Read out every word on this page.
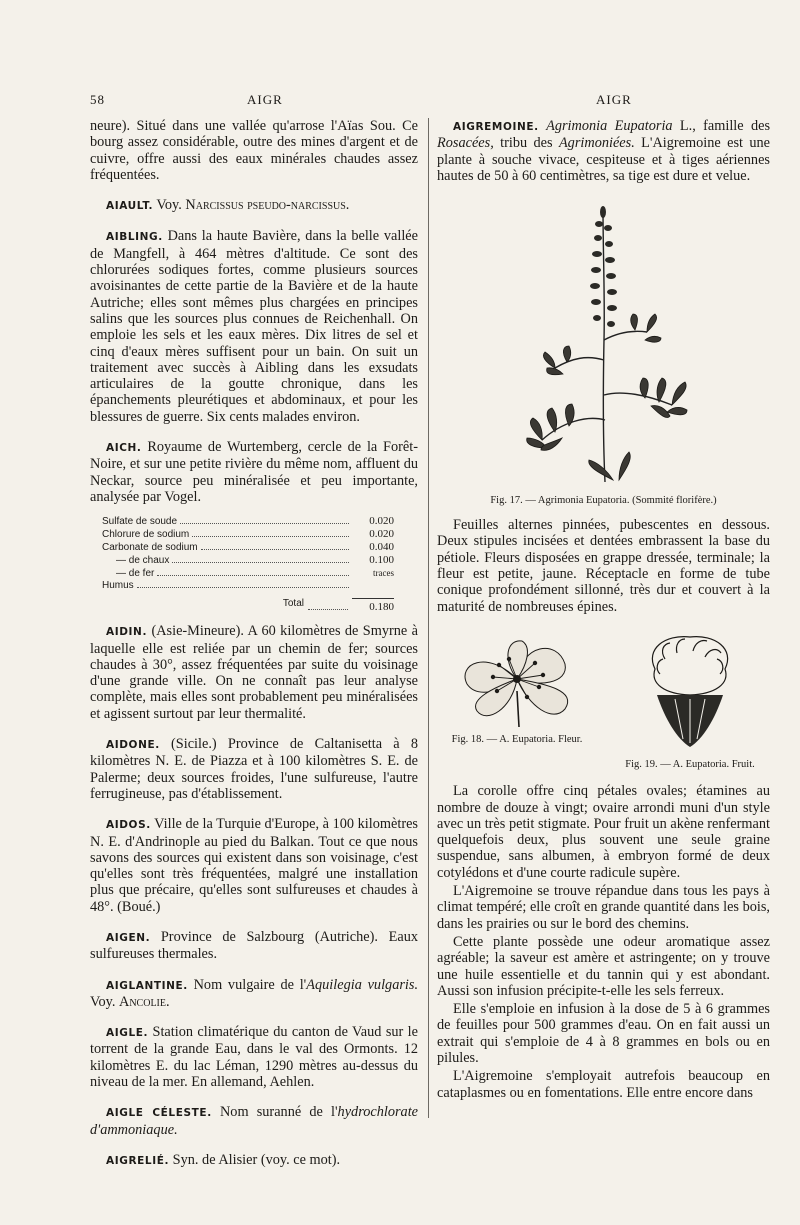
58	AIGR	AIGR

neure). Situé dans une vallée qu'arrose l'Aïas Sou. Ce bourg assez considérable, outre des mines d'argent et de cuivre, offre aussi des eaux minérales chaudes assez fréquentées.

AIAULT. Voy. Narcissus pseudo-narcissus.

AIBLING. Dans la haute Bavière, dans la belle vallée de Mangfell, à 464 mètres d'altitude. Ce sont des chlorurées sodiques fortes, comme plusieurs sources avoisinantes de cette partie de la Bavière et de la haute Autriche; elles sont mêmes plus chargées en principes salins que les sources plus connues de Reichenhall. On emploie les sels et les eaux mères. Dix litres de sel et cinq d'eaux mères suffisent pour un bain. On suit un traitement avec succès à Aibling dans les exsudats articulaires de la goutte chronique, dans les épanchements pleurétiques et abdominaux, et pour les blessures de guerre. Six cents malades environ.

AICH. Royaume de Wurtemberg, cercle de la Forêt-Noire, et sur une petite rivière du même nom, affluent du Neckar, source peu minéralisée et peu importante, analysée par Vogel.

Sulfate de soude	0.020
Chlorure de sodium	0.020
Carbonate de sodium	0.040
— de chaux	0.100
— de fer	traces
Humus
Total	0.180

AIDIN. (Asie-Mineure). A 60 kilomètres de Smyrne à laquelle elle est reliée par un chemin de fer; sources chaudes à 30°, assez fréquentées par suite du voisinage d'une grande ville. On ne connaît pas leur analyse complète, mais elles sont probablement peu minéralisées et agissent surtout par leur thermalité.

AIDONE. (Sicile.) Province de Caltanisetta à 8 kilomètres N. E. de Piazza et à 100 kilomètres S. E. de Palerme; deux sources froides, l'une sulfureuse, l'autre ferrugineuse, pas d'établissement.

AIDOS. Ville de la Turquie d'Europe, à 100 kilomètres N. E. d'Andrinople au pied du Balkan. Tout ce que nous savons des sources qui existent dans son voisinage, c'est qu'elles sont très fréquentées, malgré une installation plus que précaire, qu'elles sont sulfureuses et chaudes à 48°. (Boué.)

AIGEN. Province de Salzbourg (Autriche). Eaux sulfureuses thermales.

AIGLANTINE. Nom vulgaire de l'Aquilegia vulgaris. Voy. Ancolie.

AIGLE. Station climatérique du canton de Vaud sur le torrent de la grande Eau, dans le val des Ormonts. 12 kilomètres E. du lac Léman, 1290 mètres au-dessus du niveau de la mer. En allemand, Aehlen.

AIGLE CÉLESTE. Nom suranné de l'hydrochlorate d'ammoniaque.

AIGRELIÉ. Syn. de Alisier (voy. ce mot).

AIGREMOINE. Agrimonia Eupatoria L., famille des Rosacées, tribu des Agrimoniées. L'Aigremoine est une plante à souche vivace, cespiteuse et à tiges aériennes hautes de 50 à 60 centimètres, sa tige est dure et velue.

Fig. 17. — Agrimonia Eupatoria. (Sommité florifère.)

Feuilles alternes pinnées, pubescentes en dessous. Deux stipules incisées et dentées embrassent la base du pétiole. Fleurs disposées en grappe dressée, terminale; la fleur est petite, jaune. Réceptacle en forme de tube conique profondément sillonné, très dur et couvert à la maturité de nombreuses épines.

Fig. 18. — A. Eupatoria. Fleur.
Fig. 19. — A. Eupatoria. Fruit.

La corolle offre cinq pétales ovales; étamines au nombre de douze à vingt; ovaire arrondi muni d'un style avec un très petit stigmate. Pour fruit un akène renfermant quelquefois deux, plus souvent une seule graine suspendue, sans albumen, à embryon formé de deux cotylédons et d'une courte radicule supère.

L'Aigremoine se trouve répandue dans tous les pays à climat tempéré; elle croît en grande quantité dans les bois, dans les prairies ou sur le bord des chemins.

Cette plante possède une odeur aromatique assez agréable; la saveur est amère et astringente; on y trouve une huile essentielle et du tannin qui y est abondant. Aussi son infusion précipite-t-elle les sels ferreux.

Elle s'emploie en infusion à la dose de 5 à 6 grammes de feuilles pour 500 grammes d'eau. On en fait aussi un extrait qui s'emploie de 4 à 8 grammes en bols ou en pilules.

L'Aigremoine s'employait autrefois beaucoup en cataplasmes ou en fomentations. Elle entre encore dans
